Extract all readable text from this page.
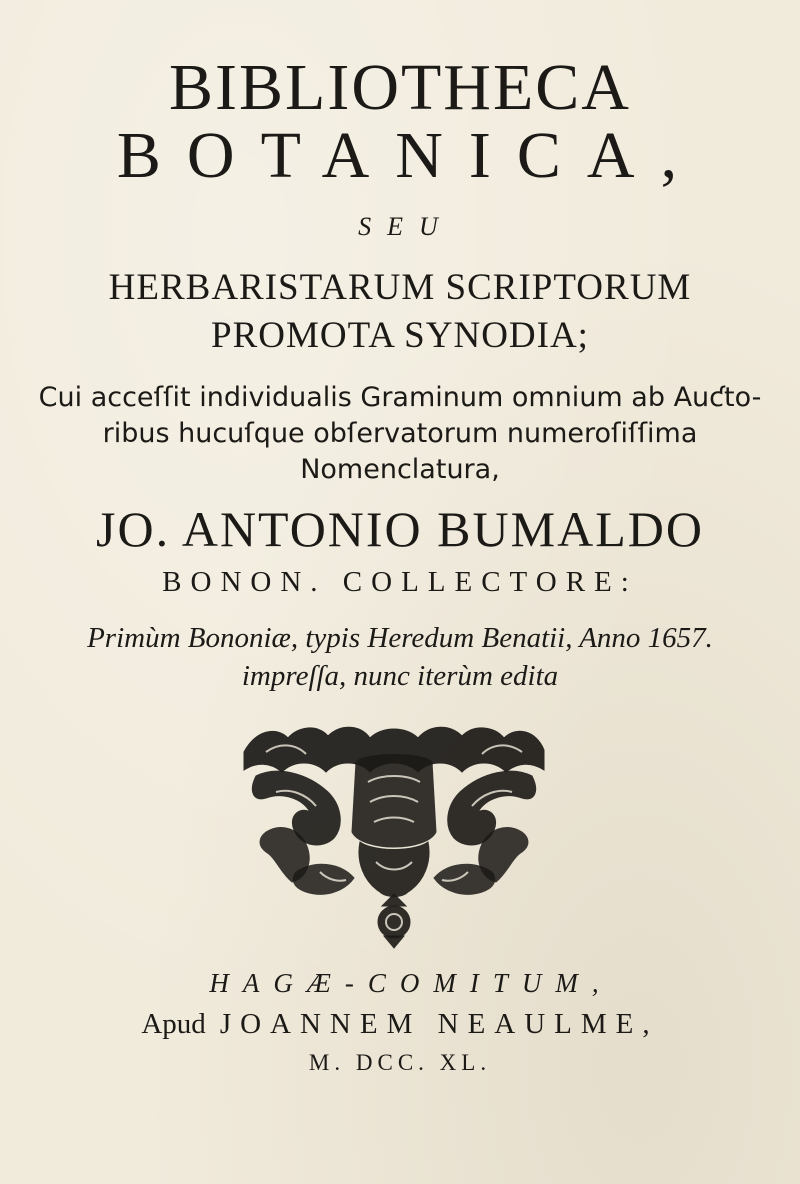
BIBLIOTHECA
BOTANICA,
SEU
HERBARISTARUM SCRIPTORUM
PROMOTA SYNODIA;
Cui acceſſit individualis Graminum omnium ab Auƈto-
ribus hucuſque obſervatorum numeroſiſſima
Nomenclatura,
JO. ANTONIO BUMALDO
BONON. COLLECTORE:
Primùm Bononiæ, typis Heredum Benatii, Anno 1657.
impreſſa, nunc iterùm edita
HAGÆ-COMITUM,
Apud JOANNEM NEAULME,
M. DCC. XL.
